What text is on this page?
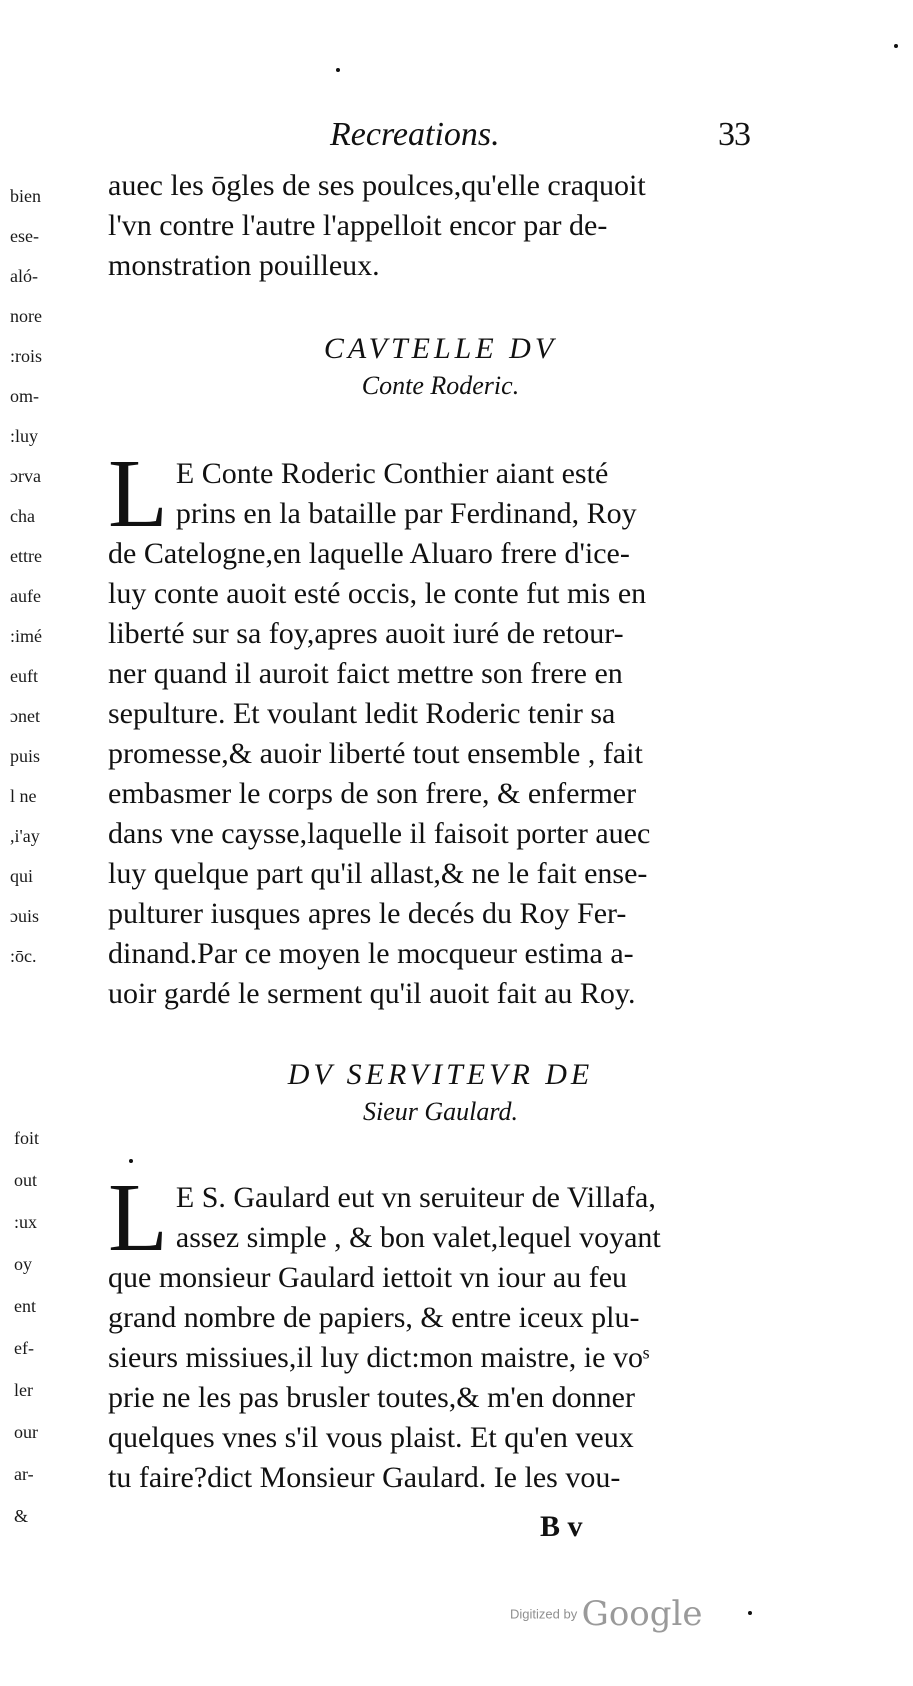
bien
ese-
aló-
nore
:rois
om-
:luy
ɔrva
cha
ettre
aufe
:imé
euft
ɔnet
puis
l ne
,i'ay
qui
ɔuis
:ōc.
foit
out
:ux
oy
ent
ef-
ler
our
ar-
&
Recreations.	33
auec les ōgles de ses poulces,qu'elle craquoit
l'vn contre l'autre l'appelloit encor par de-
monstration pouilleux.
CAVTELLE DV
Conte Roderic.
L E Conte Roderic Conthier aiant esté
prins en la bataille par Ferdinand, Roy
de Catelogne,en laquelle Aluaro frere d'ice-
luy conte auoit esté occis, le conte fut mis en
liberté sur sa foy,apres auoit iuré de retour-
ner quand il auroit faict mettre son frere en
sepulture. Et voulant ledit Roderic tenir sa
promesse,& auoir liberté tout ensemble , fait
embasmer le corps de son frere, & enfermer
dans vne caysse,laquelle il faisoit porter auec
luy quelque part qu'il allast,& ne le fait ense-
pulturer iusques apres le decés du Roy Fer-
dinand.Par ce moyen le mocqueur estima a-
uoir gardé le serment qu'il auoit fait au Roy.
DV SERVITEVR DE
Sieur Gaulard.
L E S. Gaulard eut vn seruiteur de Villafa,
assez simple , & bon valet,lequel voyant
que monsieur Gaulard iettoit vn iour au feu
grand nombre de papiers, & entre iceux plu-
sieurs missiues,il luy dict:mon maistre, ie voˢ
prie ne les pas brusler toutes,& m'en donner
quelques vnes s'il vous plaist. Et qu'en veux
tu faire?dict Monsieur Gaulard. Ie les vou-
B v
Digitized by Google
